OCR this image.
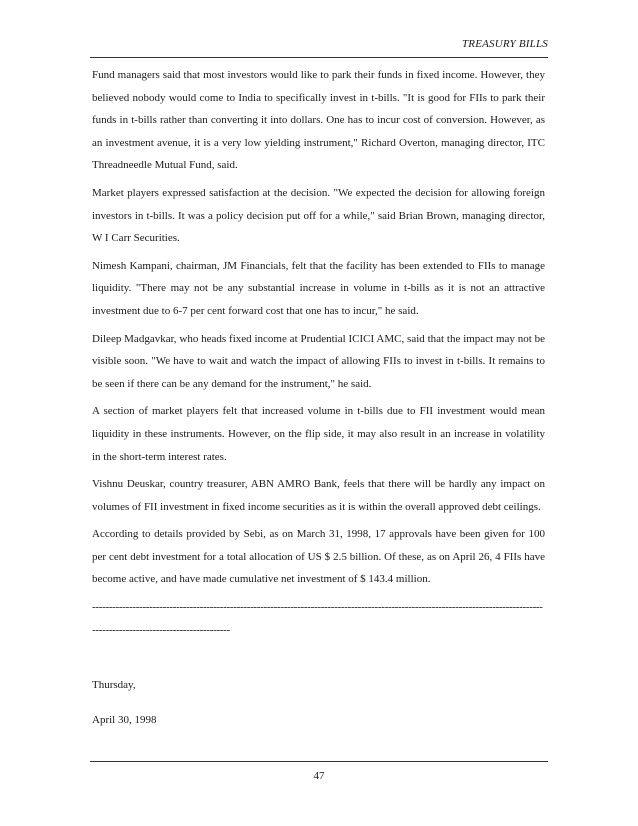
TREASURY BILLS

Fund managers said that most investors would like to park their funds in fixed income. However, they believed nobody would come to India to specifically invest in t-bills. "It is good for FIIs to park their funds in t-bills rather than converting it into dollars. One has to incur cost of conversion. However, as an investment avenue, it is a very low yielding instrument," Richard Overton, managing director, ITC Threadneedle Mutual Fund, said.

Market players expressed satisfaction at the decision. "We expected the decision for allowing foreign investors in t-bills. It was a policy decision put off for a while," said Brian Brown, managing director, W I Carr Securities.

Nimesh Kampani, chairman, JM Financials, felt that the facility has been extended to FIIs to manage liquidity. "There may not be any substantial increase in volume in t-bills as it is not an attractive investment due to 6-7 per cent forward cost that one has to incur," he said.

Dileep Madgavkar, who heads fixed income at Prudential ICICI AMC, said that the impact may not be visible soon. "We have to wait and watch the impact of allowing FIIs to invest in t-bills. It remains to be seen if there can be any demand for the instrument," he said.

A section of market players felt that increased volume in t-bills due to FII investment would mean liquidity in these instruments. However, on the flip side, it may also result in an increase in volatility in the short-term interest rates.

Vishnu Deuskar, country treasurer, ABN AMRO Bank, feels that there will be hardly any impact on volumes of FII investment in fixed income securities as it is within the overall approved debt ceilings.

According to details provided by Sebi, as on March 31, 1998, 17 approvals have been given for 100 per cent debt investment for a total allocation of US $ 2.5 billion. Of these, as on April 26, 4 FIIs have become active, and have made cumulative net investment of $ 143.4 million.

-------------------------------------------------------------------------------------------------------------------------------------------------------------------------------

Thursday,

April 30, 1998

47
